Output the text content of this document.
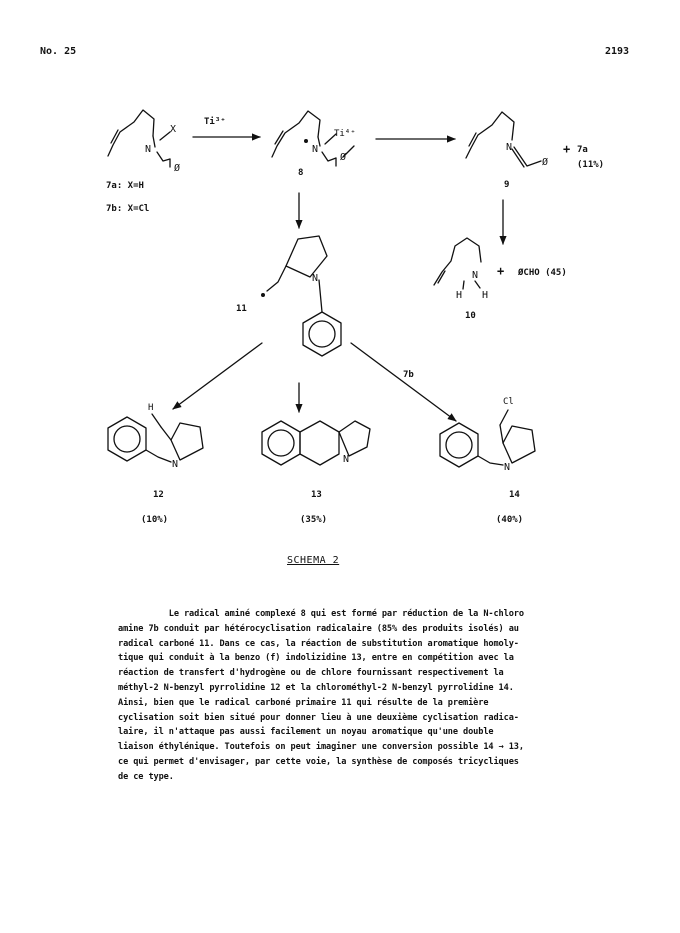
No. 25	2193
N
X
Ø
7a: X=H
7b: X=Cl
Ti³⁺
N
Ti⁴⁺
Ø
8
N
Ø
9
+ 7a
(11%)
N
H H
10
+ ØCHO (45)
N
11
7b
N
H
12
(10%)
N
13
(35%)
N
Cl
14
(40%)
SCHEMA 2
Le radical aminé complexé 8 qui est formé par réduction de la N-chloro
amine 7b conduit par hétérocyclisation radicalaire (85% des produits isolés) au
radical carboné 11. Dans ce cas, la réaction de substitution aromatique homoly-
tique qui conduit à la benzo (f) indolizidine 13, entre en compétition avec la
réaction de transfert d'hydrogène ou de chlore fournissant respectivement la
méthyl-2 N-benzyl pyrrolidine 12 et la chlorométhyl-2 N-benzyl pyrrolidine 14.
Ainsi, bien que le radical carboné primaire 11 qui résulte de la première
cyclisation soit bien situé pour donner lieu à une deuxième cyclisation radica-
laire, il n'attaque pas aussi facilement un noyau aromatique qu'une double
liaison éthylénique. Toutefois on peut imaginer une conversion possible 14 → 13,
ce qui permet d'envisager, par cette voie, la synthèse de composés tricycliques
de ce type.
